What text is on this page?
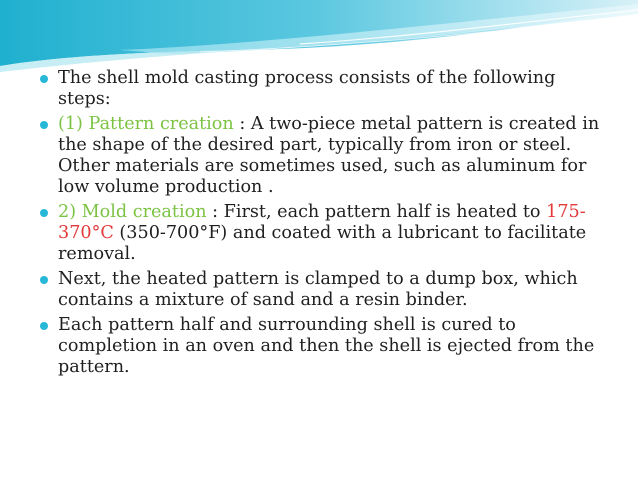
The shell mold casting process consists of the following steps:
(1) Pattern creation : A two-piece metal pattern is created in the shape of the desired part, typically from iron or steel. Other materials are sometimes used, such as aluminum for low volume production .
2) Mold creation : First, each pattern half is heated to 175-370°C (350-700°F) and coated with a lubricant to facilitate removal.
Next, the heated pattern is clamped to a dump box, which contains a mixture of sand and a resin binder.
Each pattern half and surrounding shell is cured to completion in an oven and then the shell is ejected from the pattern.
